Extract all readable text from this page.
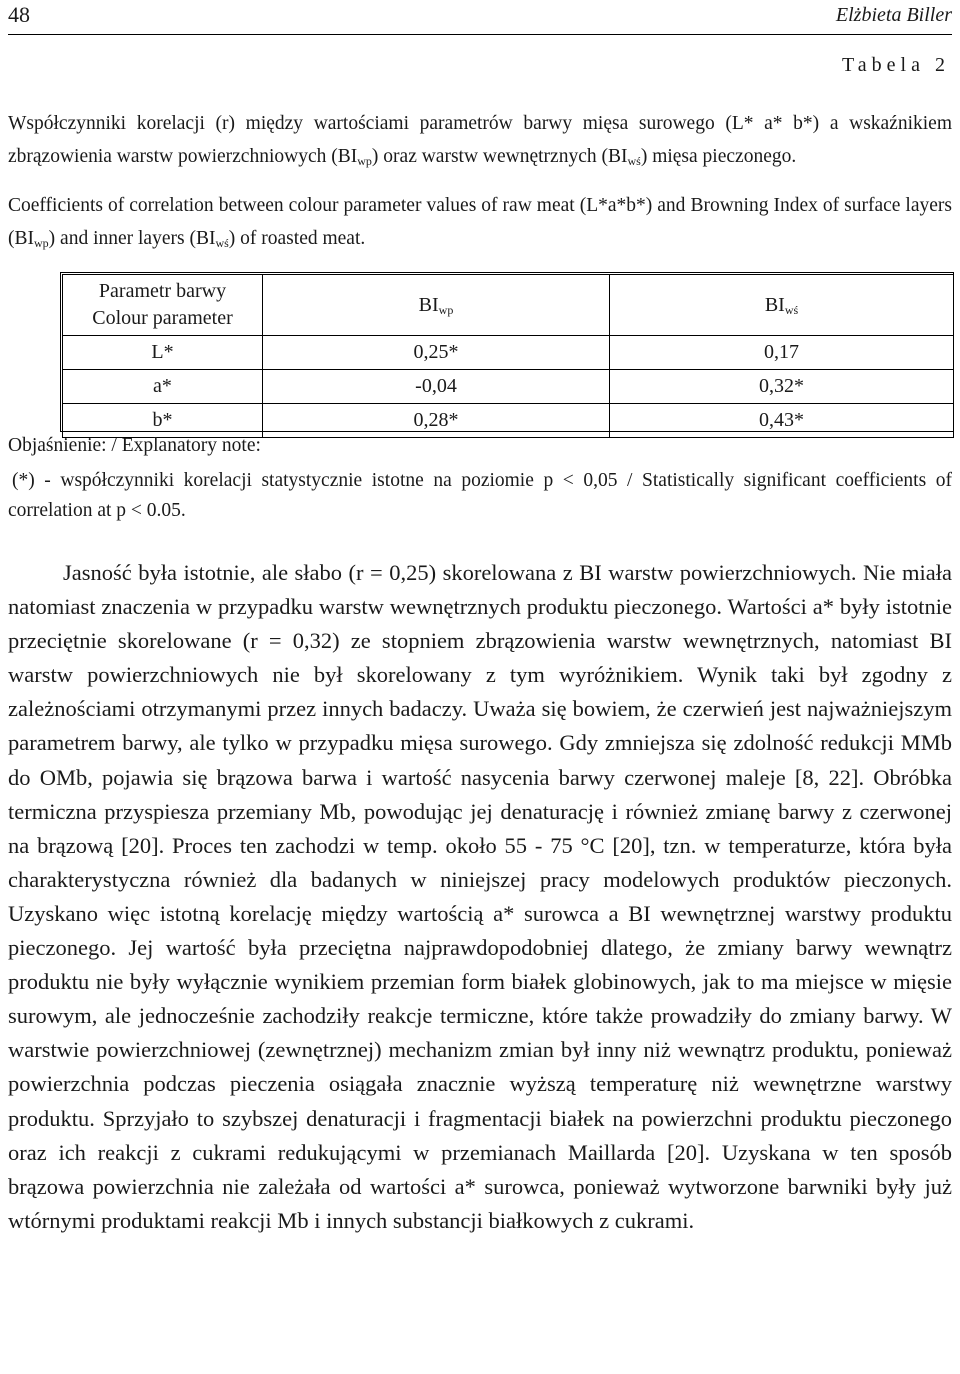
48	Elżbieta Biller
Tabela 2
Współczynniki korelacji (r) między wartościami parametrów barwy mięsa surowego (L* a* b*) a wskaźnikiem zbrązowienia warstw powierzchniowych $(BI_{wp})$ oraz warstw wewnętrznych $(BI_{wś})$ mięsa pieczonego.
Coefficients of correlation between colour parameter values of raw meat (L*a*b*) and Browning Index of surface layers $(BI_{wp})$ and inner layers $(BI_{wś})$ of roasted meat.
Parametr barwy
Colour parameter	$BI_{wp}$	$BI_{wś}$
L*	0,25*	0,17
a*	-0,04	0,32*
b*	0,28*	0,43*
Objaśnienie: / Explanatory note:
(*) - współczynniki korelacji statystycznie istotne na poziomie p < 0,05 / Statistically significant coefficients of correlation at p < 0.05.

Jasność była istotnie, ale słabo (r = 0,25) skorelowana z BI warstw powierzchniowych. Nie miała natomiast znaczenia w przypadku warstw wewnętrznych produktu pieczonego. Wartości a* były istotnie przeciętnie skorelowane (r = 0,32) ze stopniem zbrązowienia warstw wewnętrznych, natomiast BI warstw powierzchniowych nie był skorelowany z tym wyróżnikiem. Wynik taki był zgodny z zależnościami otrzymanymi przez innych badaczy. Uważa się bowiem, że czerwień jest najważniejszym parametrem barwy, ale tylko w przypadku mięsa surowego. Gdy zmniejsza się zdolność redukcji MMb do OMb, pojawia się brązowa barwa i wartość nasycenia barwy czerwonej maleje [8, 22]. Obróbka termiczna przyspiesza przemiany Mb, powodując jej denaturację i również zmianę barwy z czerwonej na brązową [20]. Proces ten zachodzi w temp. około 55 - 75 °C [20], tzn. w temperaturze, która była charakterystyczna również dla badanych w niniejszej pracy modelowych produktów pieczonych. Uzyskano więc istotną korelację między wartością a* surowca a BI wewnętrznej warstwy produktu pieczonego. Jej wartość była przeciętna najprawdopodobniej dlatego, że zmiany barwy wewnątrz produktu nie były wyłącznie wynikiem przemian form białek globinowych, jak to ma miejsce w mięsie surowym, ale jednocześnie zachodziły reakcje termiczne, które także prowadziły do zmiany barwy. W warstwie powierzchniowej (zewnętrznej) mechanizm zmian był inny niż wewnątrz produktu, ponieważ powierzchnia podczas pieczenia osiągała znacznie wyższą temperaturę niż wewnętrzne warstwy produktu. Sprzyjało to szybszej denaturacji i fragmentacji białek na powierzchni produktu pieczonego oraz ich reakcji z cukrami redukującymi w przemianach Maillarda [20]. Uzyskana w ten sposób brązowa powierzchnia nie zależała od wartości a* surowca, ponieważ wytworzone barwniki były już wtórnymi produktami reakcji Mb i innych substancji białkowych z cukrami.
